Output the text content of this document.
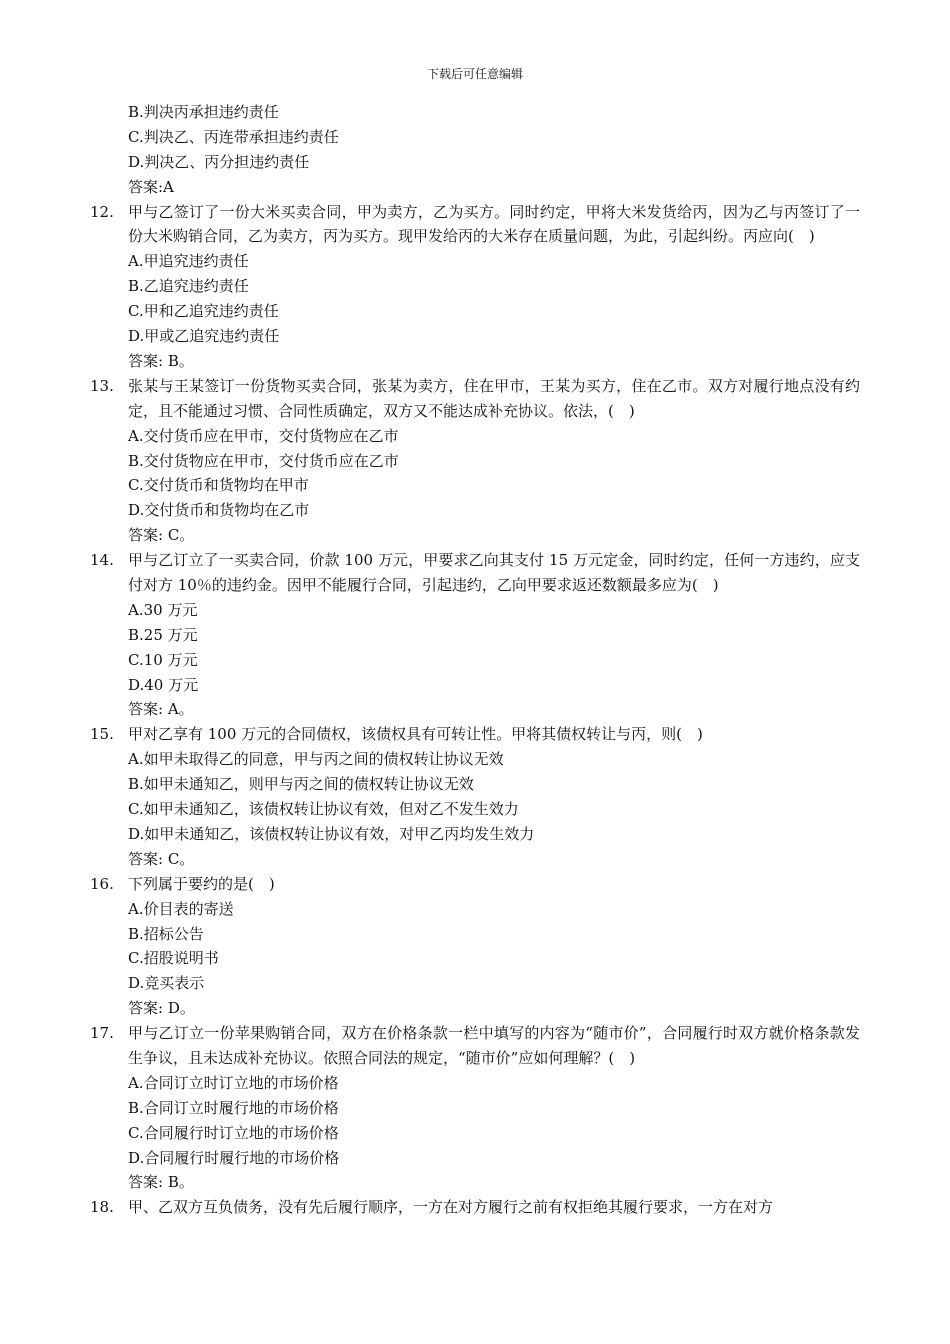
下载后可任意编辑
B.判决丙承担违约责任
C.判决乙、丙连带承担违约责任
D.判决乙、丙分担违约责任
答案:A
12. 甲与乙签订了一份大米买卖合同，甲为卖方，乙为买方。同时约定，甲将大米发货给丙，因为乙与丙签订了一份大米购销合同，乙为卖方，丙为买方。现甲发给丙的大米存在质量问题，为此，引起纠纷。丙应向(　)
A.甲追究违约责任
B.乙追究违约责任
C.甲和乙追究违约责任
D.甲或乙追究违约责任
答案: B。
13. 张某与王某签订一份货物买卖合同，张某为卖方，住在甲市，王某为买方，住在乙市。双方对履行地点没有约定，且不能通过习惯、合同性质确定，双方又不能达成补充协议。依法，(　)
A.交付货币应在甲市，交付货物应在乙市
B.交付货物应在甲市，交付货币应在乙市
C.交付货币和货物均在甲市
D.交付货币和货物均在乙市
答案: C。
14. 甲与乙订立了一买卖合同，价款 100 万元，甲要求乙向其支付 15 万元定金，同时约定，任何一方违约，应支付对方 10％的违约金。因甲不能履行合同，引起违约，乙向甲要求返还数额最多应为(　)
A.30 万元
B.25 万元
C.10 万元
D.40 万元
答案: A。
15. 甲对乙享有 100 万元的合同债权，该债权具有可转让性。甲将其债权转让与丙，则(　)
A.如甲未取得乙的同意，甲与丙之间的债权转让协议无效
B.如甲未通知乙，则甲与丙之间的债权转让协议无效
C.如甲未通知乙，该债权转让协议有效，但对乙不发生效力
D.如甲未通知乙，该债权转让协议有效，对甲乙丙均发生效力
答案: C。
16. 下列属于要约的是(　)
A.价目表的寄送
B.招标公告
C.招股说明书
D.竞买表示
答案: D。
17. 甲与乙订立一份苹果购销合同，双方在价格条款一栏中填写的内容为“随市价”，合同履行时双方就价格条款发生争议，且未达成补充协议。依照合同法的规定，“随市价”应如何理解？(　)
A.合同订立时订立地的市场价格
B.合同订立时履行地的市场价格
C.合同履行时订立地的市场价格
D.合同履行时履行地的市场价格
答案: B。
18. 甲、乙双方互负债务，没有先后履行顺序，一方在对方履行之前有权拒绝其履行要求，一方在对方
